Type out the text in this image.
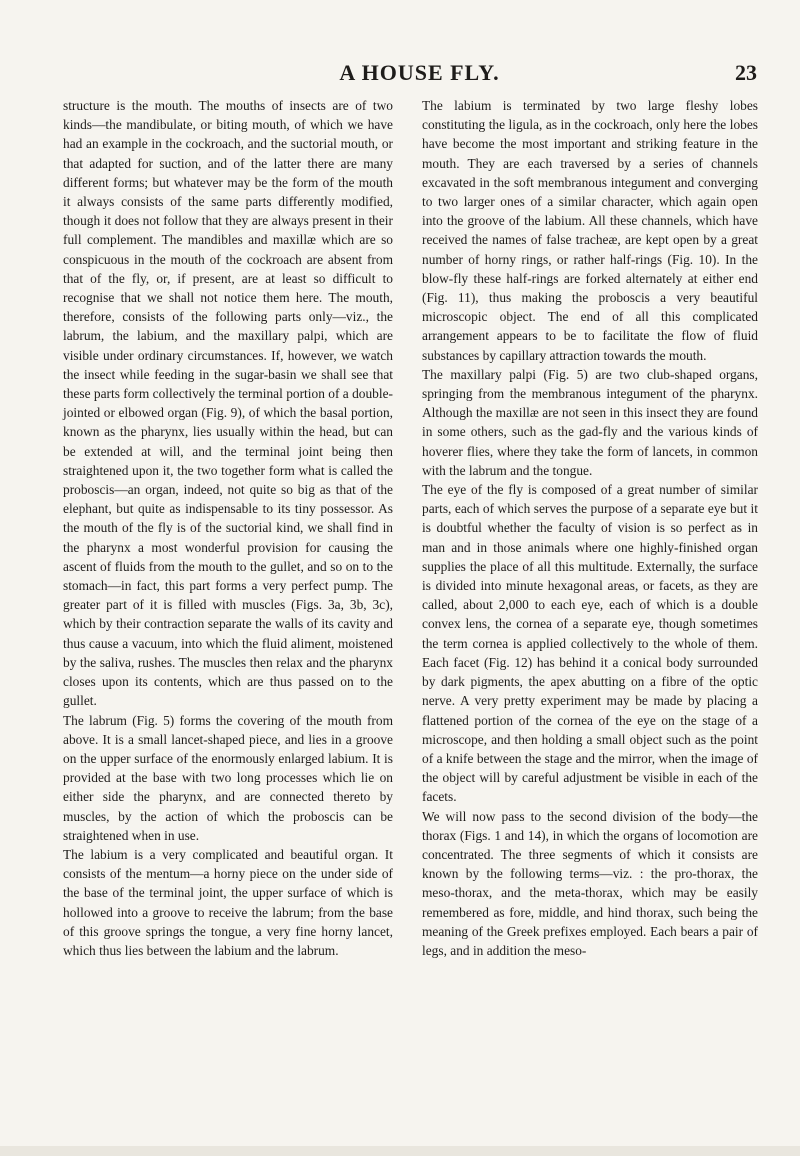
A HOUSE FLY.	23

structure is the mouth. The mouths of insects are of two kinds—the mandibulate, or biting mouth, of which we have had an example in the cockroach, and the suctorial mouth, or that adapted for suction, and of the latter there are many different forms; but whatever may be the form of the mouth it always consists of the same parts differently modified, though it does not follow that they are always present in their full complement. The mandibles and maxillæ which are so conspicuous in the mouth of the cockroach are absent from that of the fly, or, if present, are at least so difficult to recognise that we shall not notice them here. The mouth, therefore, consists of the following parts only—viz., the labrum, the labium, and the maxillary palpi, which are visible under ordinary circumstances. If, however, we watch the insect while feeding in the sugar-basin we shall see that these parts form collectively the terminal portion of a double-jointed or elbowed organ (Fig. 9), of which the basal portion, known as the pharynx, lies usually within the head, but can be extended at will, and the terminal joint being then straightened upon it, the two together form what is called the proboscis—an organ, indeed, not quite so big as that of the elephant, but quite as indispensable to its tiny possessor. As the mouth of the fly is of the suctorial kind, we shall find in the pharynx a most wonderful provision for causing the ascent of fluids from the mouth to the gullet, and so on to the stomach—in fact, this part forms a very perfect pump. The greater part of it is filled with muscles (Figs. 3a, 3b, 3c), which by their contraction separate the walls of its cavity and thus cause a vacuum, into which the fluid aliment, moistened by the saliva, rushes. The muscles then relax and the pharynx closes upon its contents, which are thus passed on to the gullet.

The labrum (Fig. 5) forms the covering of the mouth from above. It is a small lancet-shaped piece, and lies in a groove on the upper surface of the enormously enlarged labium. It is provided at the base with two long processes which lie on either side the pharynx, and are connected thereto by muscles, by the action of which the proboscis can be straightened when in use.

The labium is a very complicated and beautiful organ. It consists of the mentum—a horny piece on the under side of the base of the terminal joint, the upper surface of which is hollowed into a groove to receive the labrum; from the base of this groove springs the tongue, a very fine horny lancet, which thus lies between the labium and the labrum.

The labium is terminated by two large fleshy lobes constituting the ligula, as in the cockroach, only here the lobes have become the most important and striking feature in the mouth. They are each traversed by a series of channels excavated in the soft membranous integument and converging to two larger ones of a similar character, which again open into the groove of the labium. All these channels, which have received the names of false tracheæ, are kept open by a great number of horny rings, or rather half-rings (Fig. 10). In the blow-fly these half-rings are forked alternately at either end (Fig. 11), thus making the proboscis a very beautiful microscopic object. The end of all this complicated arrangement appears to be to facilitate the flow of fluid substances by capillary attraction towards the mouth.

The maxillary palpi (Fig. 5) are two club-shaped organs, springing from the membranous integument of the pharynx. Although the maxillæ are not seen in this insect they are found in some others, such as the gad-fly and the various kinds of hoverer flies, where they take the form of lancets, in common with the labrum and the tongue.

The eye of the fly is composed of a great number of similar parts, each of which serves the purpose of a separate eye but it is doubtful whether the faculty of vision is so perfect as in man and in those animals where one highly-finished organ supplies the place of all this multitude. Externally, the surface is divided into minute hexagonal areas, or facets, as they are called, about 2,000 to each eye, each of which is a double convex lens, the cornea of a separate eye, though sometimes the term cornea is applied collectively to the whole of them. Each facet (Fig. 12) has behind it a conical body surrounded by dark pigments, the apex abutting on a fibre of the optic nerve. A very pretty experiment may be made by placing a flattened portion of the cornea of the eye on the stage of a microscope, and then holding a small object such as the point of a knife between the stage and the mirror, when the image of the object will by careful adjustment be visible in each of the facets.

We will now pass to the second division of the body—the thorax (Figs. 1 and 14), in which the organs of locomotion are concentrated. The three segments of which it consists are known by the following terms—viz. : the pro-thorax, the meso-thorax, and the meta-thorax, which may be easily remembered as fore, middle, and hind thorax, such being the meaning of the Greek prefixes employed. Each bears a pair of legs, and in addition the meso-
